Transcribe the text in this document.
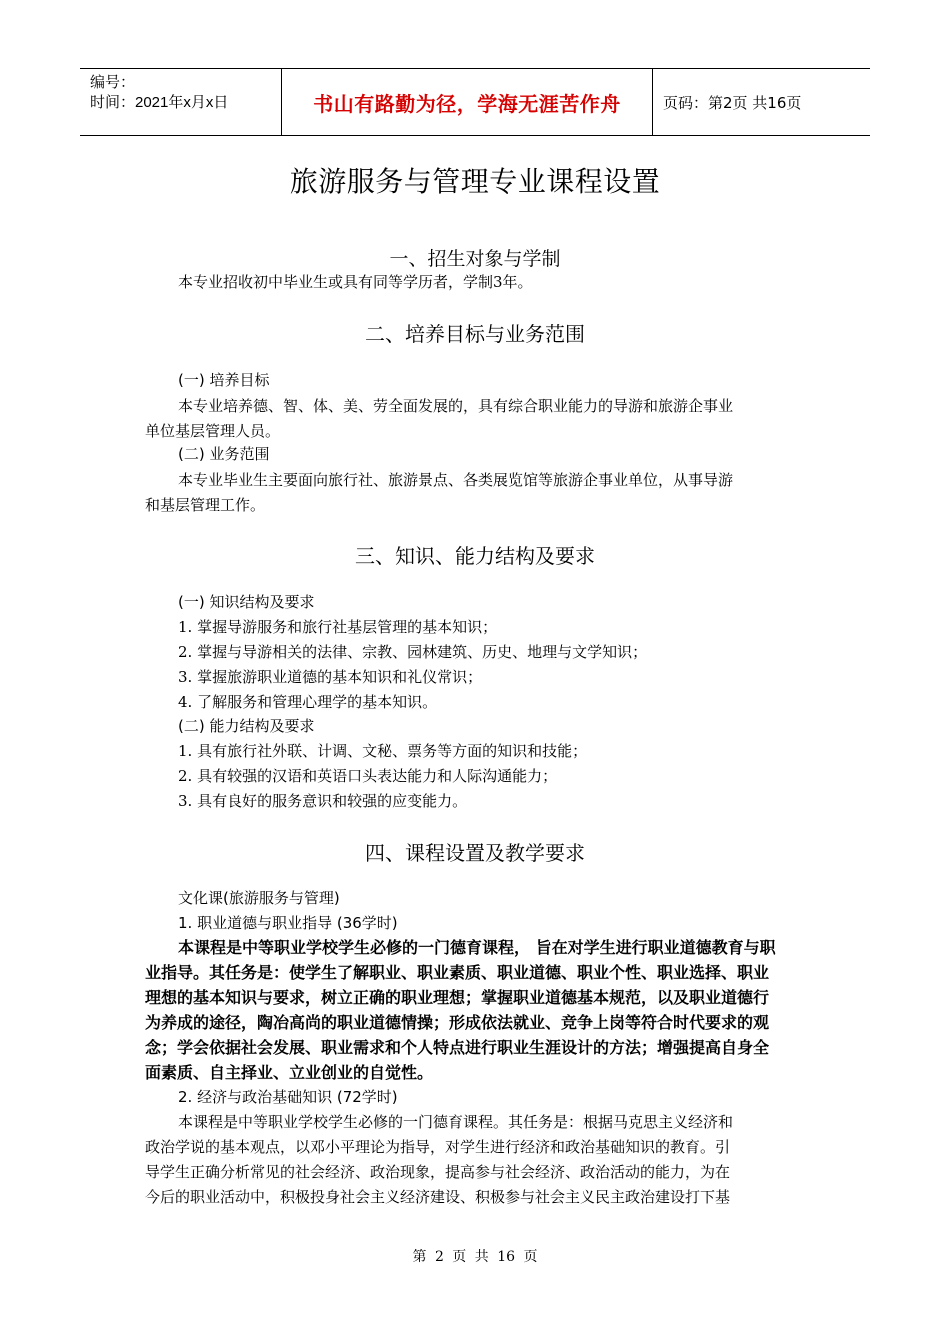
编号：
时间：2021年x月x日	书山有路勤为径，学海无涯苦作舟	页码：第2页 共16页
旅游服务与管理专业课程设置
一、招生对象与学制
本专业招收初中毕业生或具有同等学历者，学制3年。
二、培养目标与业务范围
(一) 培养目标
本专业培养德、智、体、美、劳全面发展的，具有综合职业能力的导游和旅游企事业
单位基层管理人员。
(二) 业务范围
本专业毕业生主要面向旅行社、旅游景点、各类展览馆等旅游企事业单位，从事导游
和基层管理工作。
三、知识、能力结构及要求
(一) 知识结构及要求
1. 掌握导游服务和旅行社基层管理的基本知识；
2. 掌握与导游相关的法律、宗教、园林建筑、历史、地理与文学知识；
3. 掌握旅游职业道德的基本知识和礼仪常识；
4. 了解服务和管理心理学的基本知识。
(二) 能力结构及要求
1. 具有旅行社外联、计调、文秘、票务等方面的知识和技能；
2. 具有较强的汉语和英语口头表达能力和人际沟通能力；
3. 具有良好的服务意识和较强的应变能力。
四、课程设置及教学要求
文化课(旅游服务与管理)
1. 职业道德与职业指导 (36学时)
本课程是中等职业学校学生必修的一门德育课程， 旨在对学生进行职业道德教育与职
业指导。其任务是：使学生了解职业、职业素质、职业道德、职业个性、职业选择、职业
理想的基本知识与要求，树立正确的职业理想；掌握职业道德基本规范，以及职业道德行
为养成的途径，陶冶高尚的职业道德情操；形成依法就业、竞争上岗等符合时代要求的观
念；学会依据社会发展、职业需求和个人特点进行职业生涯设计的方法；增强提高自身全
面素质、自主择业、立业创业的自觉性。
2. 经济与政治基础知识 (72学时)
本课程是中等职业学校学生必修的一门德育课程。其任务是：根据马克思主义经济和
政治学说的基本观点，以邓小平理论为指导，对学生进行经济和政治基础知识的教育。引
导学生正确分析常见的社会经济、政治现象，提高参与社会经济、政治活动的能力，为在
今后的职业活动中，积极投身社会主义经济建设、积极参与社会主义民主政治建设打下基
第 2 页 共 16 页
